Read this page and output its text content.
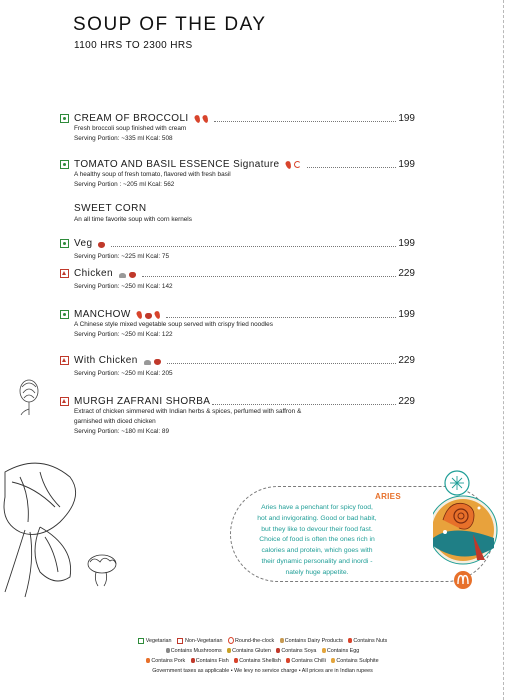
SOUP OF THE DAY
1100 HRS TO 2300 HRS
CREAM OF BROCCOLI	199
Fresh broccoli soup finished with cream
Serving Portion: ~335 ml Kcal: 508
TOMATO AND BASIL ESSENCE Signature	199
A healthy soup of fresh tomato, flavored with fresh basil
Serving Portion : ~205 ml Kcal: 562
SWEET CORN
An all time favorite soup with corn kernels
Veg	199
Serving Portion: ~225 ml Kcal: 75
Chicken	229
Serving Portion: ~250 ml Kcal: 142
MANCHOW	199
A Chinese style mixed vegetable soup served with crispy fried noodles
Serving Portion: ~250 ml Kcal: 122
With Chicken	229
Serving Portion: ~250 ml Kcal: 205
MURGH ZAFRANI SHORBA	229
Extract of chicken simmered with Indian herbs & spices, perfumed with saffron &
garnished with diced chicken
Serving Portion: ~180 ml Kcal: 89
ARIES
Aries have a penchant for spicy food,
hot and invigorating. Good or bad habit,
but they like to devour their food fast.
Choice of food is often the ones rich in
calories and protein, which goes with
their dynamic personality and inordi -
nately huge appetite.
Vegetarian	Non-Vegetarian Round-the-clock Contains Dairy Products Contains Nuts
Contains Mushrooms Contains Gluten Contains Soya Contains Egg
Contains Pork Contains Fish Contains Shellish Contains Chilli Contains Sulphite
Government taxes as applicable • We levy no service charge • All prices are in Indian rupees
